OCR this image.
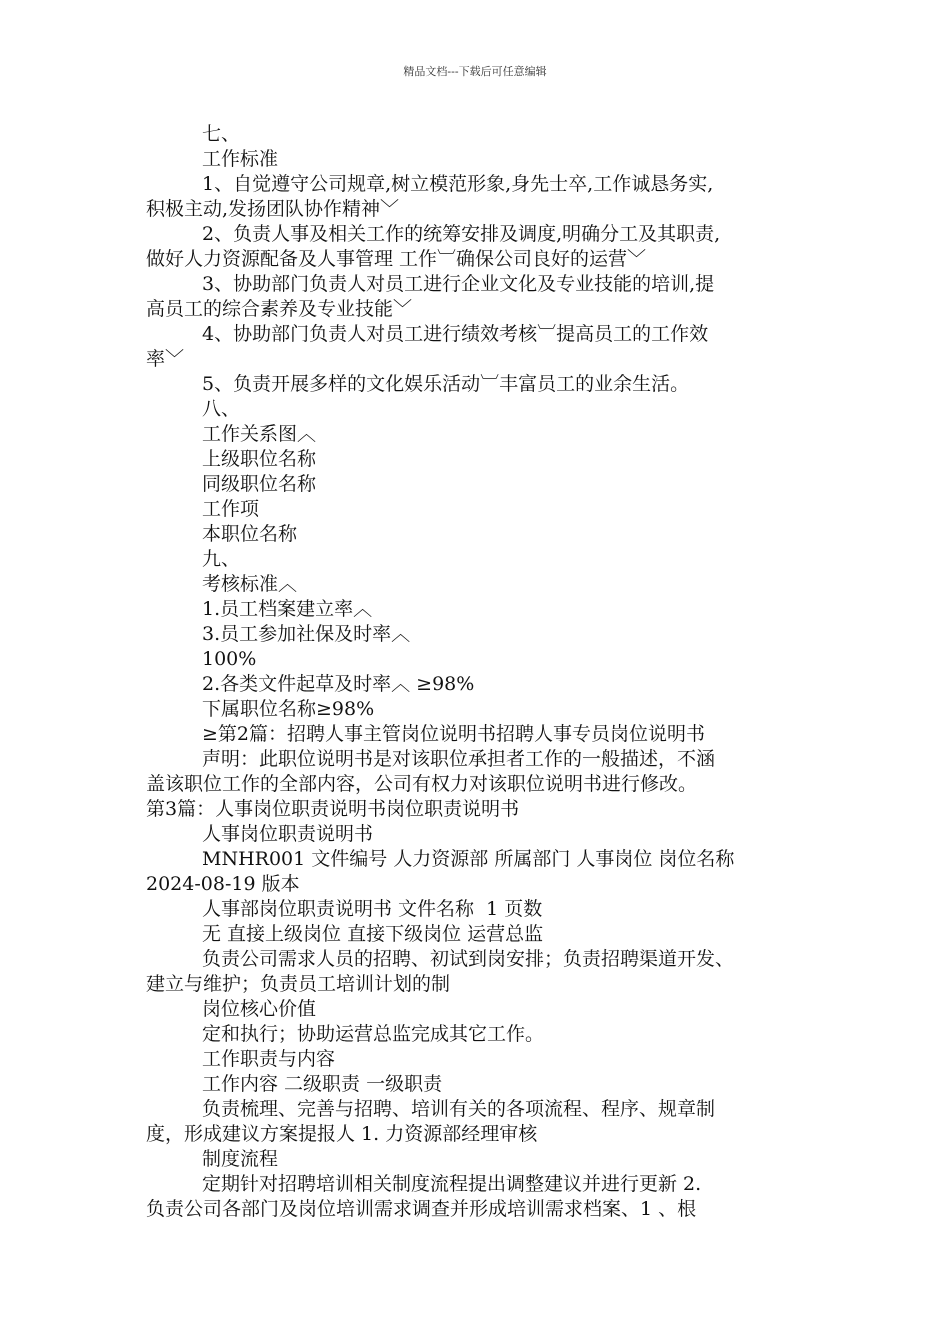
精品文档---下载后可任意编辑
七、
工作标准
1、自觉遵守公司规章,树立模范形象,身先士卒,工作诚恳务实,
积极主动,发扬团队协作精神﹀
2、负责人事及相关工作的统筹安排及调度,明确分工及其职责,
做好人力资源配备及人事管理 工作︺确保公司良好的运营﹀
3、协助部门负责人对员工进行企业文化及专业技能的培训,提
高员工的综合素养及专业技能﹀
4、协助部门负责人对员工进行绩效考核︺提高员工的工作效
率﹀
5、负责开展多样的文化娱乐活动︺丰富员工的业余生活。
八、
工作关系图︿
上级职位名称
同级职位名称
工作项
本职位名称
九、
考核标准︿
1.员工档案建立率︿
3.员工参加社保及时率︿
100%
2.各类文件起草及时率︿ ≥98%
下属职位名称≥98%
≥第2篇：招聘人事主管岗位说明书招聘人事专员岗位说明书
声明：此职位说明书是对该职位承担者工作的一般描述，不涵
盖该职位工作的全部内容，公司有权力对该职位说明书进行修改。
第3篇：人事岗位职责说明书岗位职责说明书
人事岗位职责说明书
MNHR001 文件编号 人力资源部 所属部门 人事岗位 岗位名称
2024-08-19 版本
人事部岗位职责说明书 文件名称  1 页数
无 直接上级岗位 直接下级岗位 运营总监
负责公司需求人员的招聘、初试到岗安排；负责招聘渠道开发、
建立与维护；负责员工培训计划的制
岗位核心价值
定和执行；协助运营总监完成其它工作。
工作职责与内容
工作内容 二级职责 一级职责
负责梳理、完善与招聘、培训有关的各项流程、程序、规章制
度，形成建议方案提报人 1. 力资源部经理审核
制度流程
定期针对招聘培训相关制度流程提出调整建议并进行更新 2.
负责公司各部门及岗位培训需求调查并形成培训需求档案、1 、根
